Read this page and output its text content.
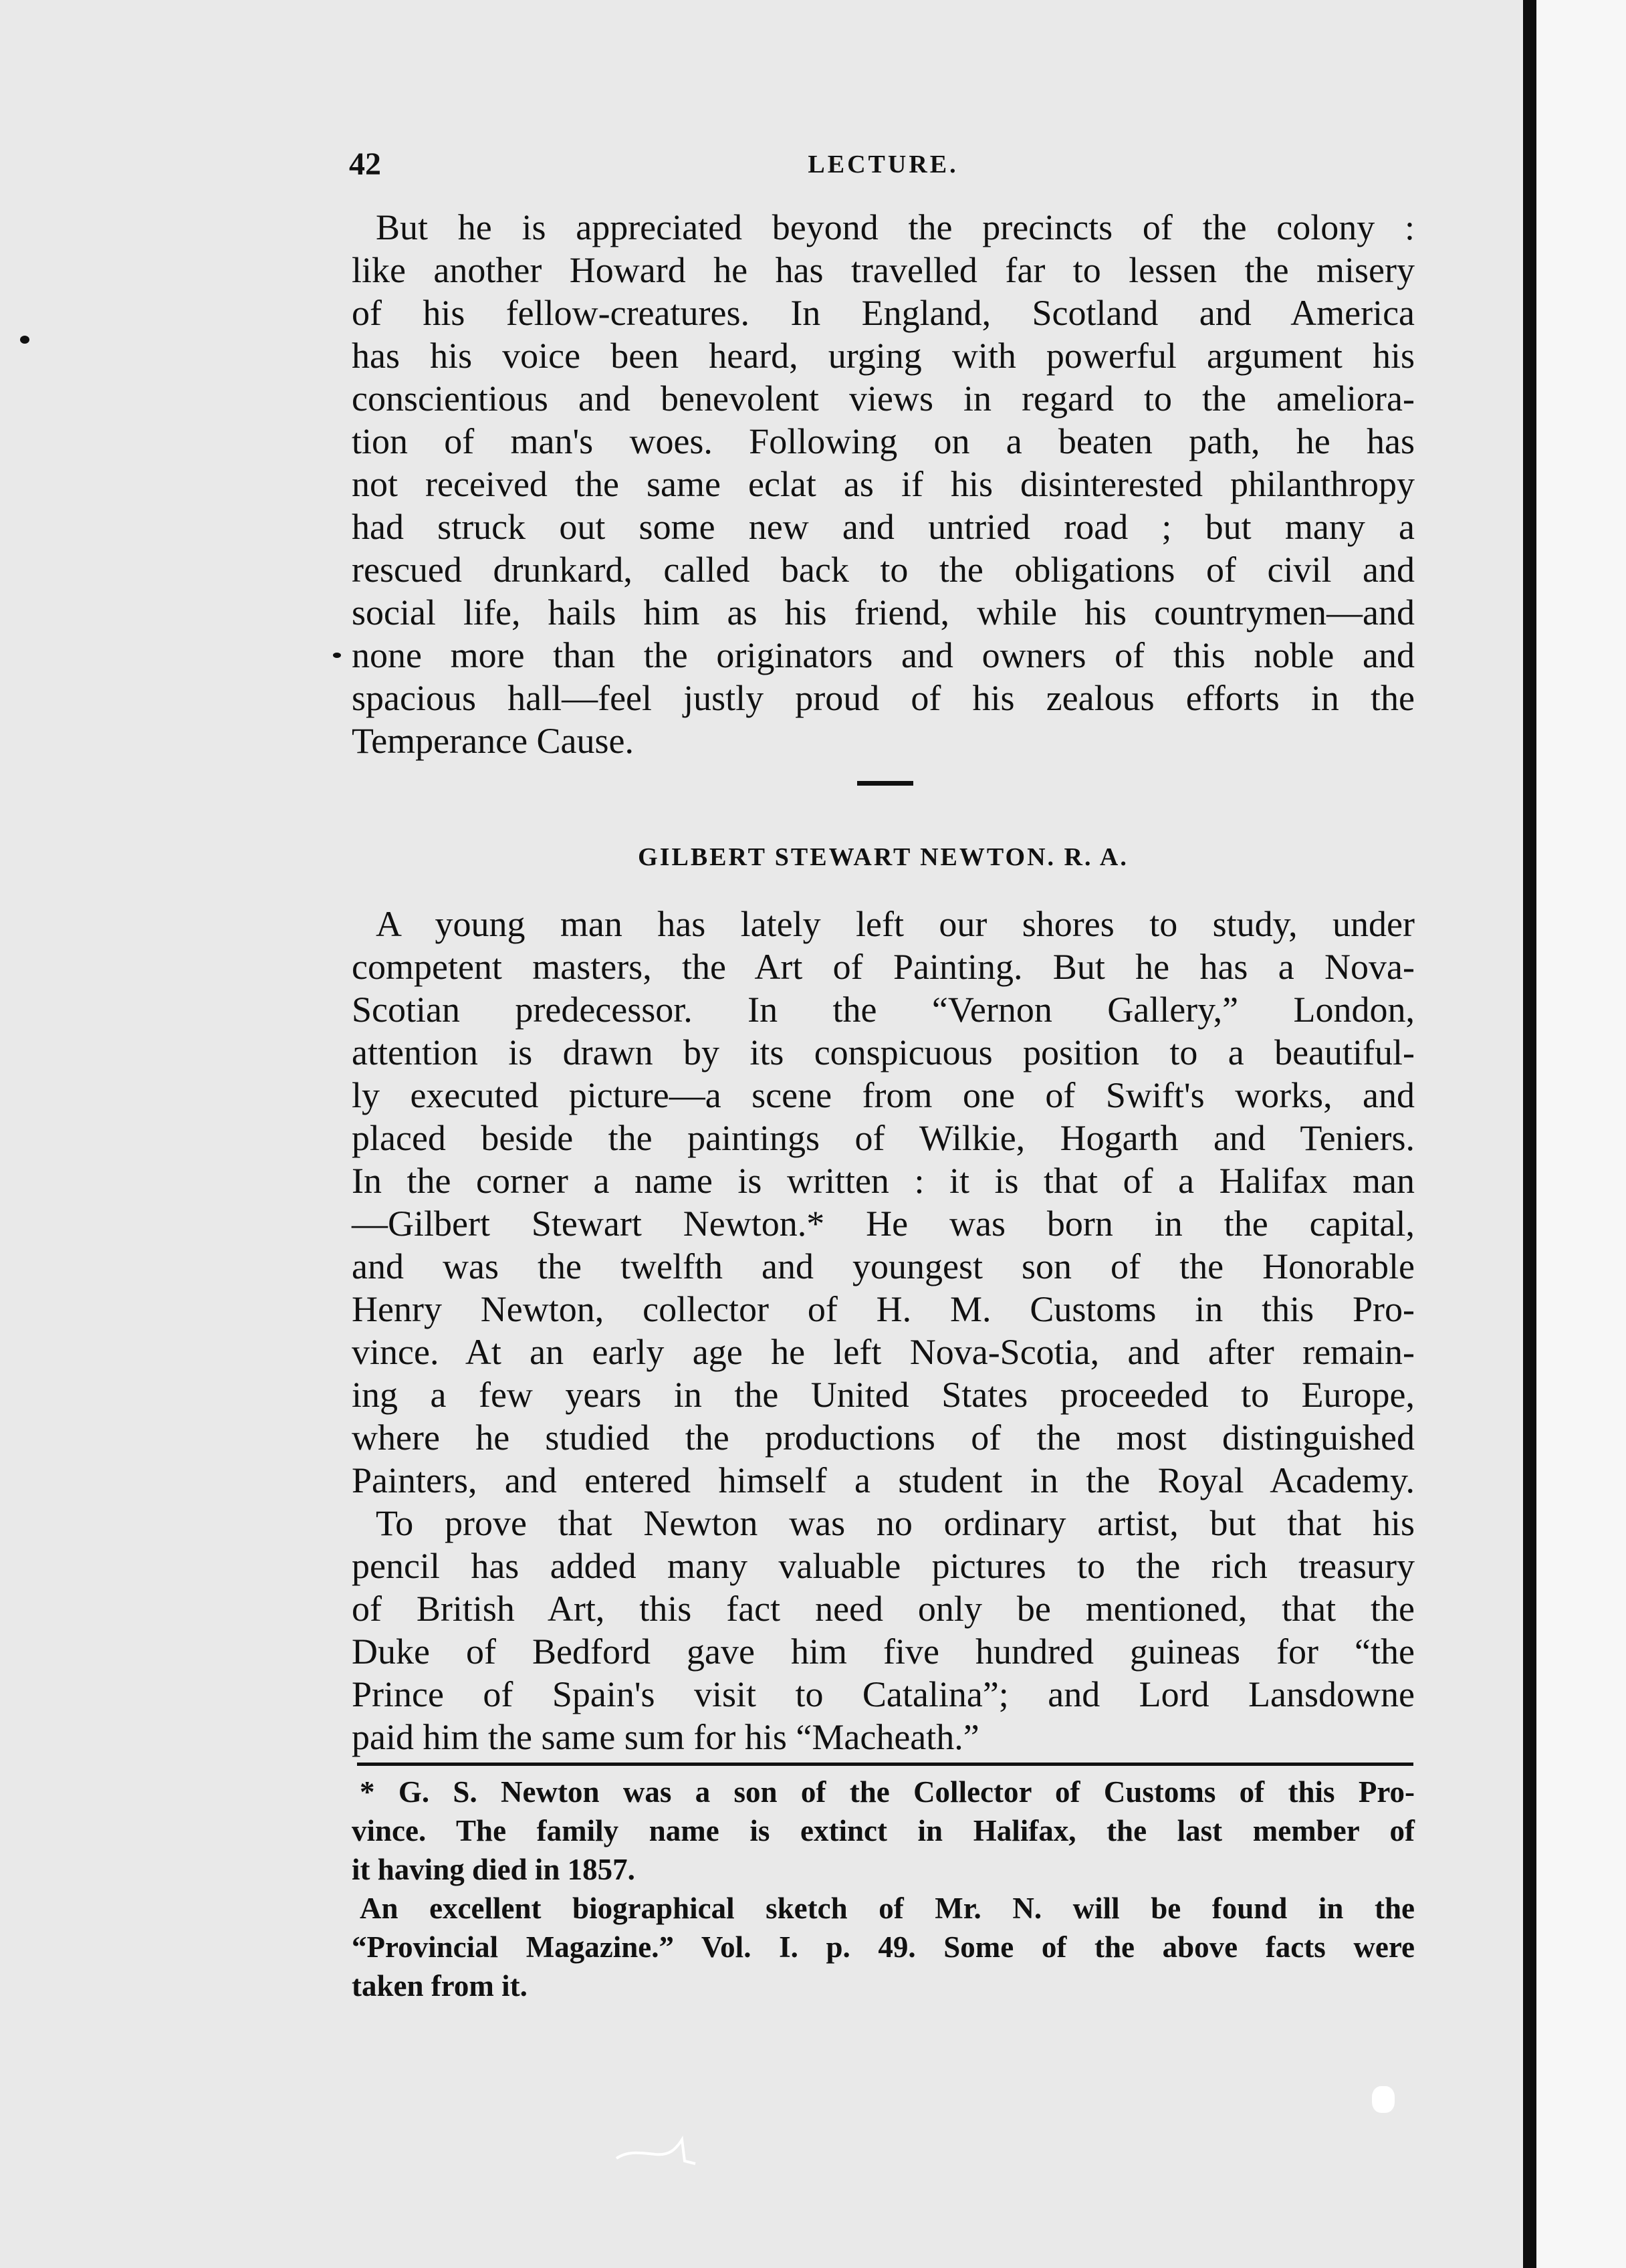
42	LECTURE.
But he is appreciated beyond the precincts of the colony :
like another Howard he has travelled far to lessen the misery
of his fellow-creatures. In England, Scotland and America
has his voice been heard, urging with powerful argument his
conscientious and benevolent views in regard to the ameliora-
tion of man's woes. Following on a beaten path, he has
not received the same eclat as if his disinterested philanthropy
had struck out some new and untried road ; but many a
rescued drunkard, called back to the obligations of civil and
social life, hails him as his friend, while his countrymen—and
none more than the originators and owners of this noble and
spacious hall—feel justly proud of his zealous efforts in the
Temperance Cause.
A young man has lately left our shores to study, under
competent masters, the Art of Painting. But he has a Nova-
Scotian predecessor. In the “Vernon Gallery,” London,
attention is drawn by its conspicuous position to a beautiful-
ly executed picture—a scene from one of Swift's works, and
placed beside the paintings of Wilkie, Hogarth and Teniers.
In the corner a name is written : it is that of a Halifax man
—Gilbert Stewart Newton.* He was born in the capital,
and was the twelfth and youngest son of the Honorable
Henry Newton, collector of H. M. Customs in this Pro-
vince. At an early age he left Nova-Scotia, and after remain-
ing a few years in the United States proceeded to Europe,
where he studied the productions of the most distinguished
Painters, and entered himself a student in the Royal Academy.
To prove that Newton was no ordinary artist, but that his
pencil has added many valuable pictures to the rich treasury
of British Art, this fact need only be mentioned, that the
Duke of Bedford gave him five hundred guineas for “the
Prince of Spain's visit to Catalina”; and Lord Lansdowne
paid him the same sum for his “Macheath.”
* G. S. Newton was a son of the Collector of Customs of this Pro-
vince. The family name is extinct in Halifax, the last member of
it having died in 1857.
An excellent biographical sketch of Mr. N. will be found in the
“Provincial Magazine.” Vol. I. p. 49. Some of the above facts were
taken from it.
GILBERT STEWART NEWTON. R. A.
